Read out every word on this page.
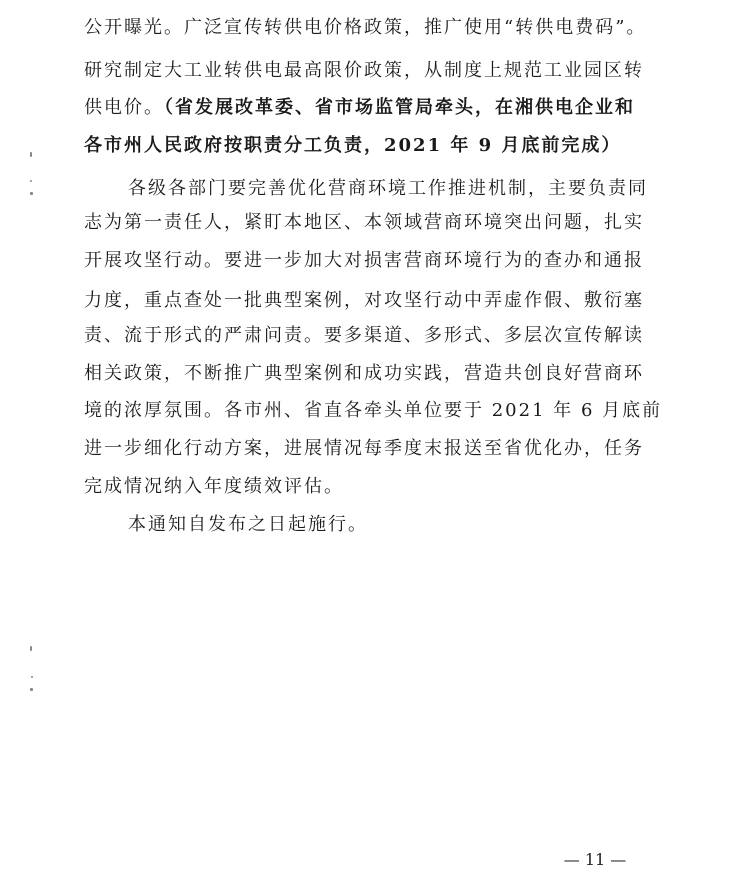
公开曝光。广泛宣传转供电价格政策，推广使用“转供电费码”。
研究制定大工业转供电最高限价政策，从制度上规范工业园区转
供电价。（省发展改革委、省市场监管局牵头，在湘供电企业和
各市州人民政府按职责分工负责，2021 年 9 月底前完成）
各级各部门要完善优化营商环境工作推进机制，主要负责同
志为第一责任人，紧盯本地区、本领域营商环境突出问题，扎实
开展攻坚行动。要进一步加大对损害营商环境行为的查办和通报
力度，重点查处一批典型案例，对攻坚行动中弄虚作假、敷衍塞
责、流于形式的严肃问责。要多渠道、多形式、多层次宣传解读
相关政策，不断推广典型案例和成功实践，营造共创良好营商环
境的浓厚氛围。各市州、省直各牵头单位要于 2021 年 6 月底前
进一步细化行动方案，进展情况每季度末报送至省优化办，任务
完成情况纳入年度绩效评估。
本通知自发布之日起施行。
— 11 —
